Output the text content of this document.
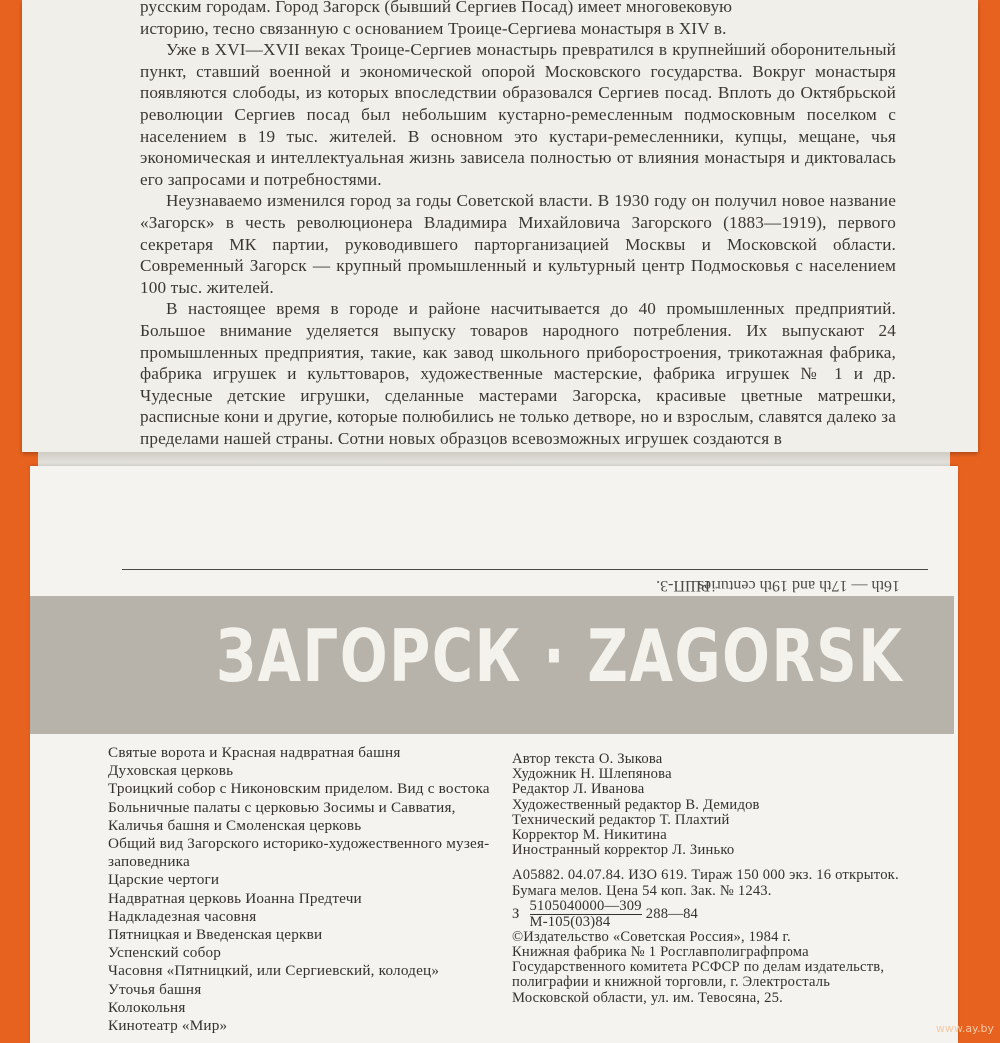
русским городам. Город Загорск (бывший Сергиев Посад) имеет многовековую

историю, тесно связанную с основанием Троице-Сергиева монастыря в XIV в.

Уже в XVI—XVII веках Троице-Сергиев монастырь превратился в крупнейший оборонительный пункт, ставший военной и экономической опорой Московского государства. Вокруг монастыря появляются слободы, из которых впоследствии образовался Сергиев посад. Вплоть до Октябрьской революции Сергиев посад был небольшим кустарно-ремесленным подмосковным поселком с населением в 19 тыс. жителей. В основном это кустари-ремесленники, купцы, мещане, чья экономическая и интеллектуальная жизнь зависела полностью от влияния монастыря и диктовалась его запросами и потребностями.

Неузнаваемо изменился город за годы Советской власти. В 1930 году он получил новое название «Загорск» в честь революционера Владимира Михайловича Загорского (1883—1919), первого секретаря МК партии, руководившего парторганизацией Москвы и Московской области. Современный Загорск — крупный промышленный и культурный центр Подмосковья с населением 100 тыс. жителей.

В настоящее время в городе и районе насчитывается до 40 промышленных предприятий. Большое внимание уделяется выпуску товаров народного потребления. Их выпускают 24 промышленных предприятия, такие, как завод школьного приборостроения, трикотажная фабрика, фабрика игрушек и культтоваров, художественные мастерские, фабрика игрушек № 1 и др. Чудесные детские игрушки, сделанные мастерами Загорска, красивые цветные матрешки, расписные кони и другие, которые полюбились не только детворе, но и взрослым, славятся далеко за пределами нашей страны. Сотни новых образцов всевозможных игрушек создаются в

16th — 17th and 19th centuries
РШП-3.
ЗАГОРСК · ZAGORSK
Святые ворота и Красная надвратная башня
Духовская церковь
Троицкий собор с Никоновским приделом. Вид с востока
Больничные палаты с церковью Зосимы и Савватия, Каличья башня и Смоленская церковь
Общий вид Загорского историко-художественного музея-заповедника
Царские чертоги
Надвратная церковь Иоанна Предтечи
Надкладезная часовня
Пятницкая и Введенская церкви
Успенский собор
Часовня «Пятницкий, или Сергиевский, колодец»
Уточья башня
Колокольня
Кинотеатр «Мир»
Автор текста О. Зыкова
Художник Н. Шлепянова
Редактор Л. Иванова
Художественный редактор В. Демидов
Технический редактор Т. Плахтий
Корректор М. Никитина
Иностранный корректор Л. Зинько
А05882. 04.07.84. ИЗО 619. Тираж 150 000 экз. 16 открыток. Бумага мелов. Цена 54 коп. Зак. № 1243.
З $\frac{5105040000—309}{М-105(03)84}$ 288—84
©Издательство «Советская Россия», 1984 г.
Книжная фабрика № 1 Росглавполиграфпрома Государственного комитета РСФСР по делам издательств, полиграфии и книжной торговли, г. Электросталь Московской области, ул. им. Тевосяна, 25.
www.ay.by
